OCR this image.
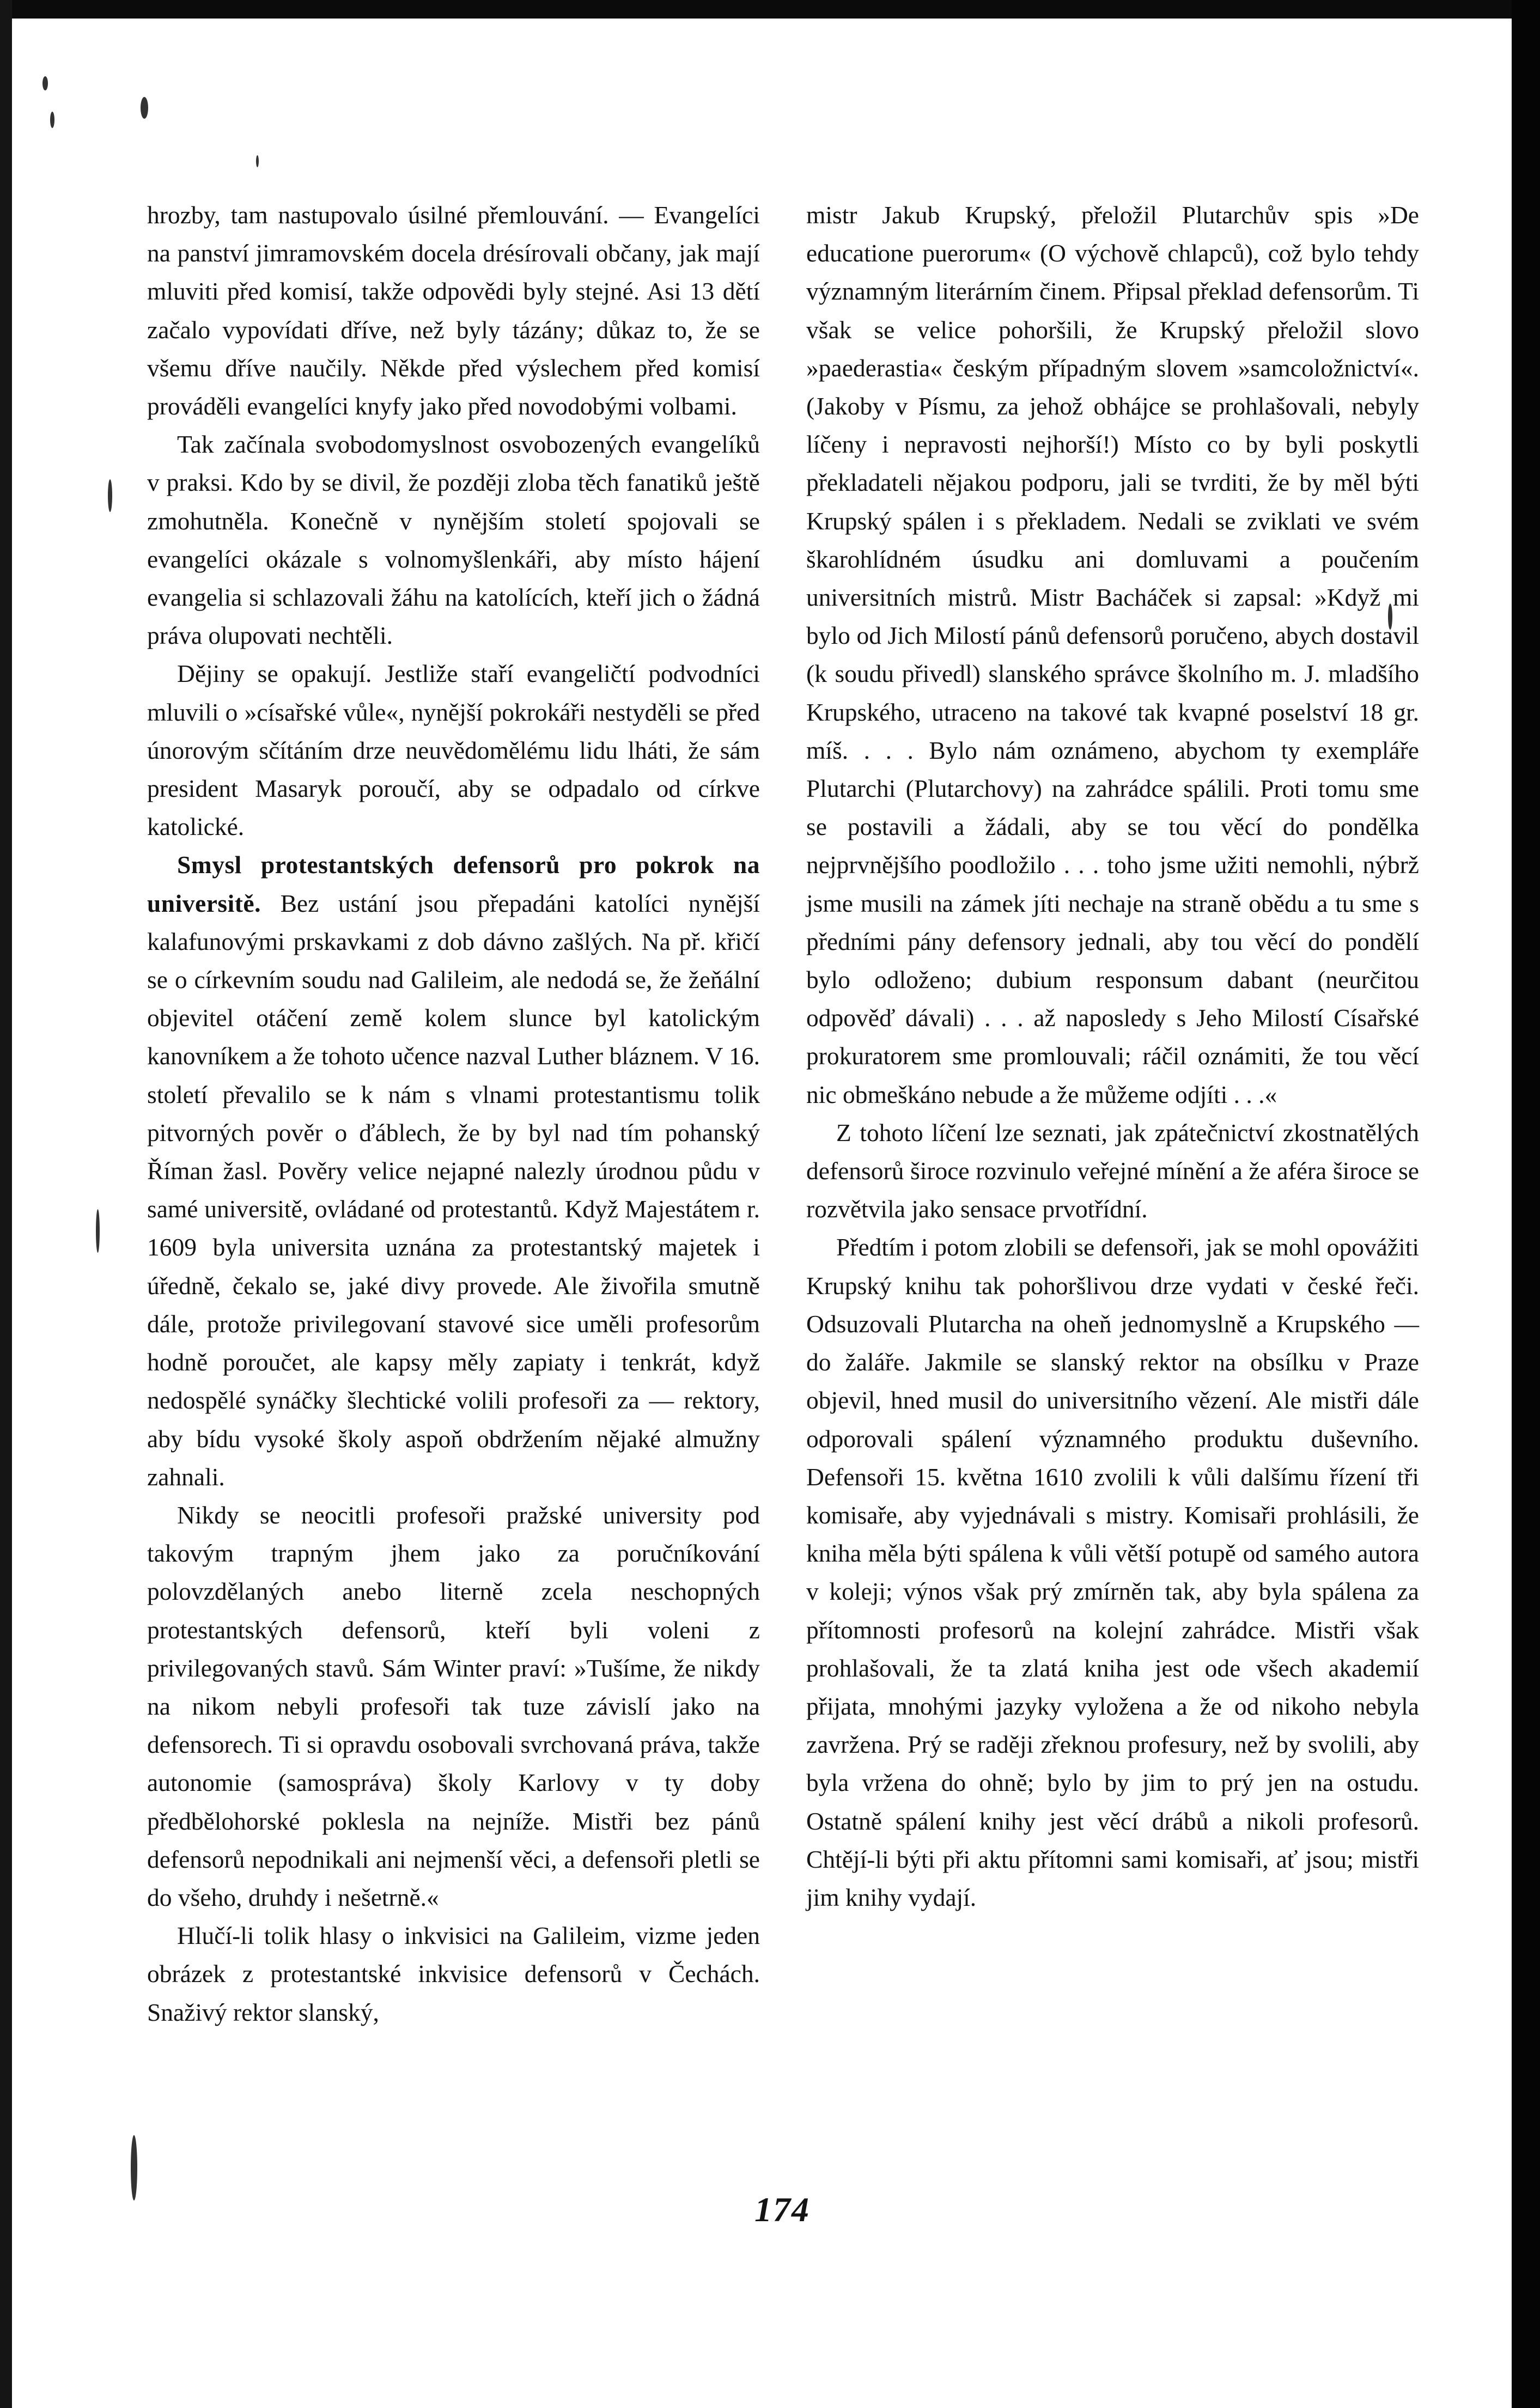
hrozby, tam nastupovalo úsilné přemlouvání. — Evangelíci na panství jimramovském docela drésírovali občany, jak mají mluviti před komisí, takže odpovědi byly stejné. Asi 13 dětí začalo vypovídati dříve, než byly tázány; důkaz to, že se všemu dříve naučily. Někde před výslechem před komisí prováděli evangelíci knyfy jako před novodobými volbami.

Tak začínala svobodomyslnost osvobozených evangelíků v praksi. Kdo by se divil, že později zloba těch fanatiků ještě zmohutněla. Konečně v nynějším století spojovali se evangelíci okázale s volnomyšlenkáři, aby místo hájení evangelia si schlazovali žáhu na katolících, kteří jich o žádná práva olupovati nechtěli.

Dějiny se opakují. Jestliže staří evangeličtí podvodníci mluvili o »císařské vůle«, nynější pokrokáři nestyděli se před únorovým sčítáním drze neuvědomělému lidu lháti, že sám president Masaryk poroučí, aby se odpadalo od církve katolické.

Smysl protestantských defensorů pro pokrok na universitě. Bez ustání jsou přepadáni katolíci nynější kalafunovými prskavkami z dob dávno zašlých. Na př. křičí se o církevním soudu nad Galileim, ale nedodá se, že žeňální objevitel otáčení země kolem slunce byl katolickým kanovníkem a že tohoto učence nazval Luther bláznem. V 16. století převalilo se k nám s vlnami protestantismu tolik pitvorných pověr o ďáblech, že by byl nad tím pohanský Říman žasl. Pověry velice nejapné nalezly úrodnou půdu v samé universitě, ovládané od protestantů. Když Majestátem r. 1609 byla universita uznána za protestantský majetek i úředně, čekalo se, jaké divy provede. Ale živořila smutně dále, protože privilegovaní stavové sice uměli profesorům hodně poroučet, ale kapsy měly zapiaty i tenkrát, když nedospělé synáčky šlechtické volili profesoři za — rektory, aby bídu vysoké školy aspoň obdržením nějaké almužny zahnali.

Nikdy se neocitli profesoři pražské university pod takovým trapným jhem jako za poručníkování polovzdělaných anebo literně zcela neschopných protestantských defensorů, kteří byli voleni z privilegovaných stavů. Sám Winter praví: »Tušíme, že nikdy na nikom nebyli profesoři tak tuze závislí jako na defensorech. Ti si opravdu osobovali svrchovaná práva, takže autonomie (samospráva) školy Karlovy v ty doby předbělohorské poklesla na nejníže. Mistři bez pánů defensorů nepodnikali ani nejmenší věci, a defensoři pletli se do všeho, druhdy i nešetrně.«

Hlučí-li tolik hlasy o inkvisici na Galileim, vizme jeden obrázek z protestantské inkvisice defensorů v Čechách. Snaživý rektor slanský,

mistr Jakub Krupský, přeložil Plutarchův spis »De educatione puerorum« (O výchově chlapců), což bylo tehdy významným literárním činem. Připsal překlad defensorům. Ti však se velice pohoršili, že Krupský přeložil slovo »paederastia« českým případným slovem »samcoložnictví«. (Jakoby v Písmu, za jehož obhájce se prohlašovali, nebyly líčeny i nepravosti nejhorší!) Místo co by byli poskytli překladateli nějakou podporu, jali se tvrditi, že by měl býti Krupský spálen i s překladem. Nedali se zviklati ve svém škarohlídném úsudku ani domluvami a poučením universitních mistrů. Mistr Bacháček si zapsal: »Když mi bylo od Jich Milostí pánů defensorů poručeno, abych dostavil (k soudu přivedl) slanského správce školního m. J. mladšího Krupského, utraceno na takové tak kvapné poselství 18 gr. míš. . . . Bylo nám oznámeno, abychom ty exempláře Plutarchi (Plutarchovy) na zahrádce spálili. Proti tomu sme se postavili a žádali, aby se tou věcí do pondělka nejprvnějšího poodložilo . . . toho jsme užiti nemohli, nýbrž jsme musili na zámek jíti nechaje na straně obědu a tu sme s předními pány defensory jednali, aby tou věcí do pondělí bylo odloženo; dubium responsum dabant (neurčitou odpověď dávali) . . . až naposledy s Jeho Milostí Císařské prokuratorem sme promlouvali; ráčil oznámiti, že tou věcí nic obmeškáno nebude a že můžeme odjíti . . .«

Z tohoto líčení lze seznati, jak zpátečnictví zkostnatělých defensorů široce rozvinulo veřejné mínění a že aféra široce se rozvětvila jako sensace prvotřídní.

Předtím i potom zlobili se defensoři, jak se mohl opovážiti Krupský knihu tak pohoršlivou drze vydati v české řeči. Odsuzovali Plutarcha na oheň jednomyslně a Krupského — do žaláře. Jakmile se slanský rektor na obsílku v Praze objevil, hned musil do universitního vězení. Ale mistři dále odporovali spálení významného produktu duševního. Defensoři 15. května 1610 zvolili k vůli dalšímu řízení tři komisaře, aby vyjednávali s mistry. Komisaři prohlásili, že kniha měla býti spálena k vůli větší potupě od samého autora v koleji; výnos však prý zmírněn tak, aby byla spálena za přítomnosti profesorů na kolejní zahrádce. Mistři však prohlašovali, že ta zlatá kniha jest ode všech akademií přijata, mnohými jazyky vyložena a že od nikoho nebyla zavržena. Prý se raději zřeknou profesury, než by svolili, aby byla vržena do ohně; bylo by jim to prý jen na ostudu. Ostatně spálení knihy jest věcí drábů a nikoli profesorů. Chtějí-li býti při aktu přítomni sami komisaři, ať jsou; mistři jim knihy vydají.

174
